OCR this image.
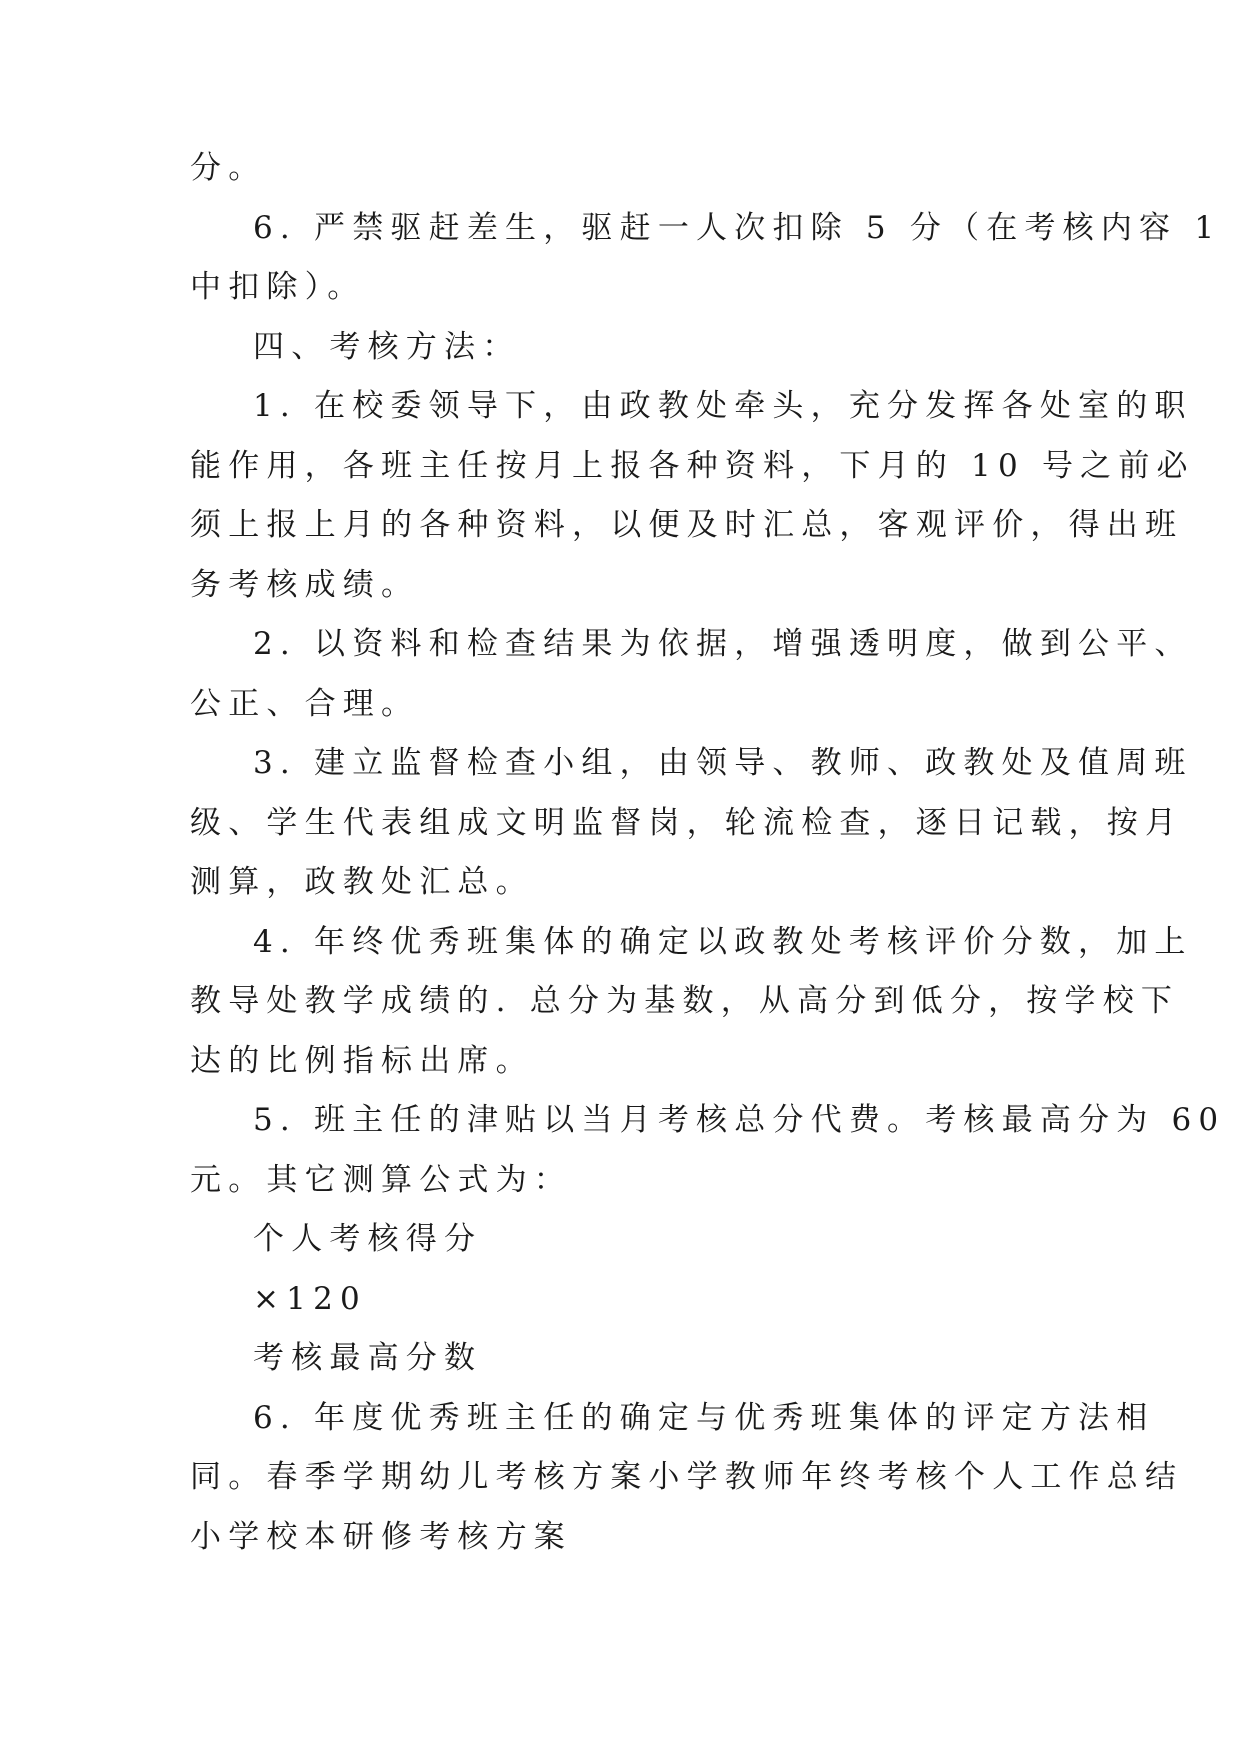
分。

6. 严禁驱赶差生，驱赶一人次扣除 5 分（在考核内容 1

中扣除）。

四、考核方法：

1. 在校委领导下，由政教处牵头，充分发挥各处室的职

能作用，各班主任按月上报各种资料，下月的 10 号之前必

须上报上月的各种资料，以便及时汇总，客观评价，得出班

务考核成绩。

2. 以资料和检查结果为依据，增强透明度，做到公平、

公正、合理。

3. 建立监督检查小组，由领导、教师、政教处及值周班

级、学生代表组成文明监督岗，轮流检查，逐日记载，按月

测算，政教处汇总。

4. 年终优秀班集体的确定以政教处考核评价分数，加上

教导处教学成绩的. 总分为基数，从高分到低分，按学校下

达的比例指标出席。

5. 班主任的津贴以当月考核总分代费。考核最高分为 60

元。其它测算公式为：

个人考核得分

×120

考核最高分数

6. 年度优秀班主任的确定与优秀班集体的评定方法相

同。春季学期幼儿考核方案小学教师年终考核个人工作总结

小学校本研修考核方案
